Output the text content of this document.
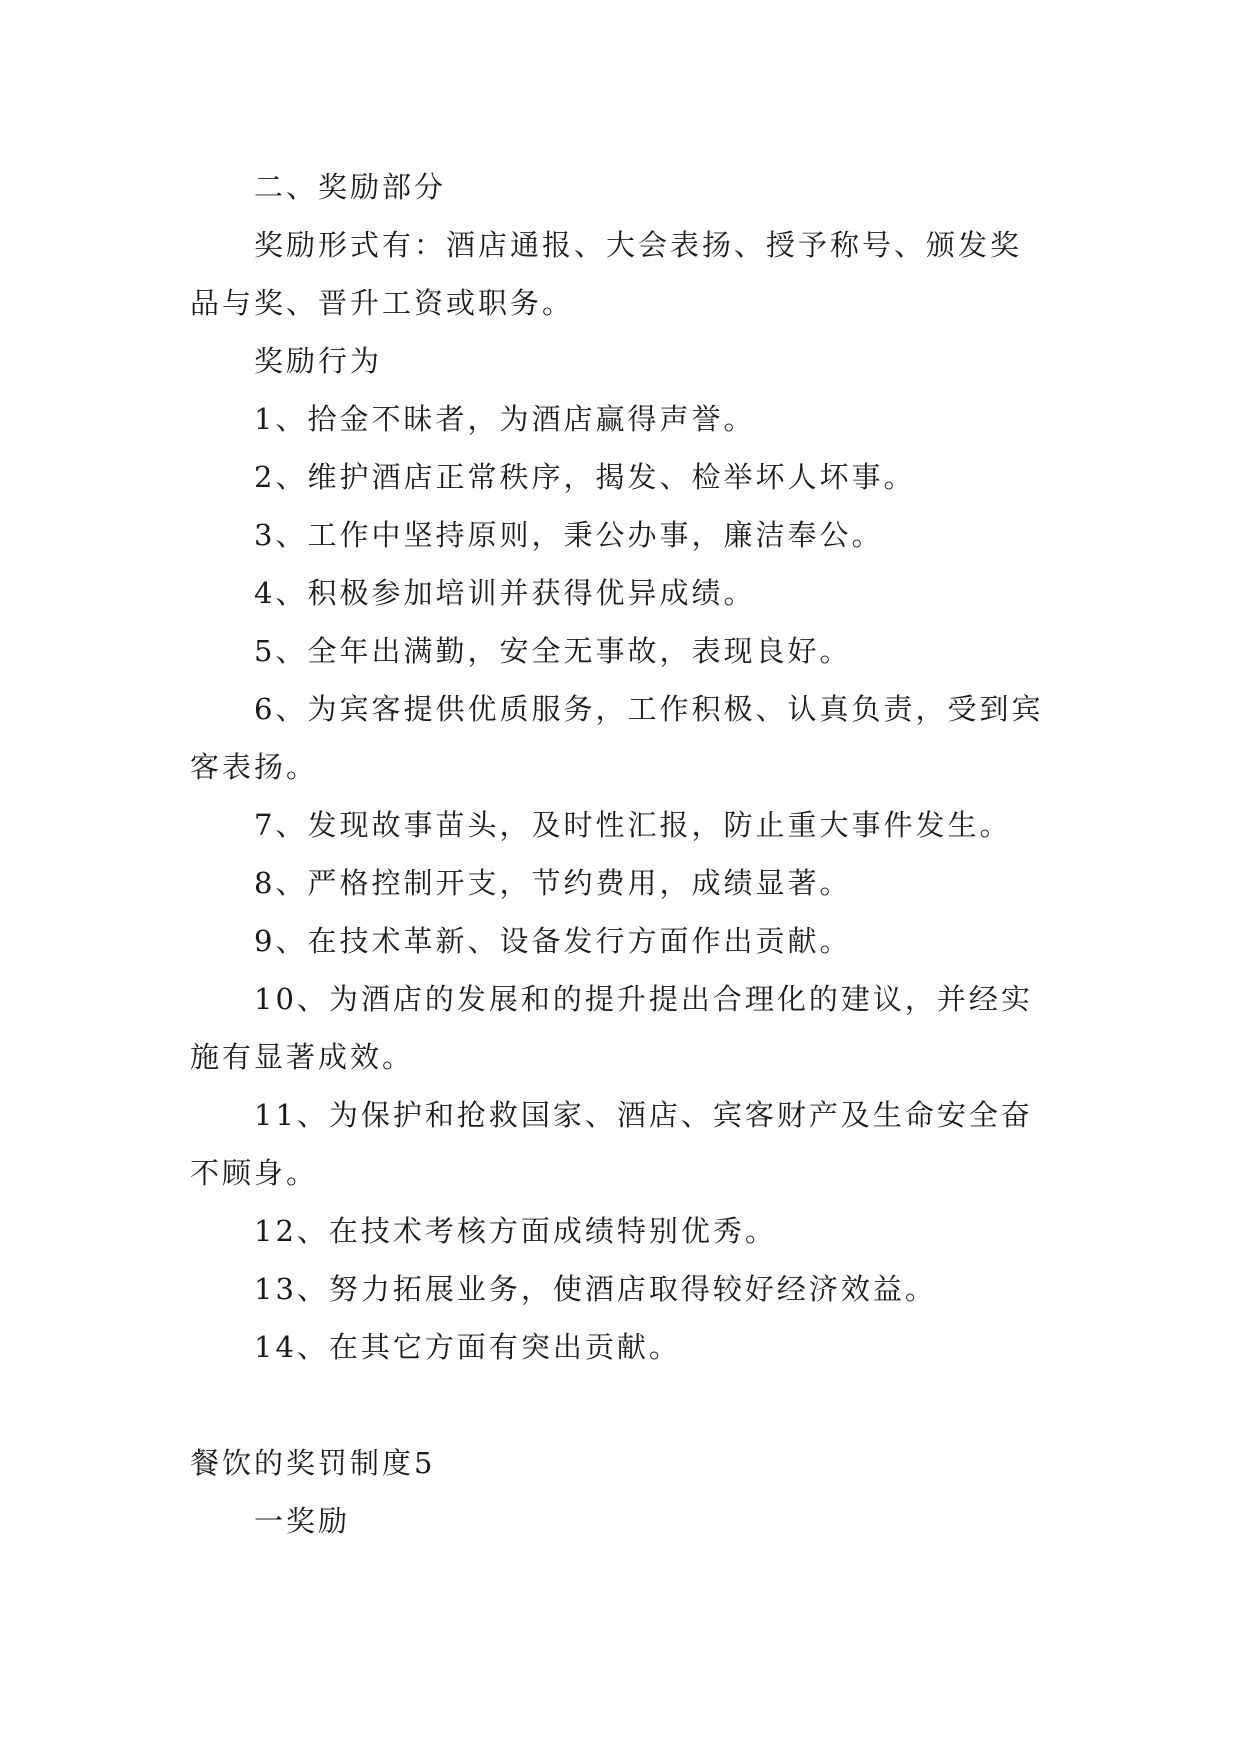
二、奖励部分

奖励形式有：酒店通报、大会表扬、授予称号、颁发奖品与奖、晋升工资或职务。

奖励行为

1、拾金不昧者，为酒店赢得声誉。

2、维护酒店正常秩序，揭发、检举坏人坏事。

3、工作中坚持原则，秉公办事，廉洁奉公。

4、积极参加培训并获得优异成绩。

5、全年出满勤，安全无事故，表现良好。

6、为宾客提供优质服务，工作积极、认真负责，受到宾客表扬。

7、发现故事苗头，及时性汇报，防止重大事件发生。

8、严格控制开支，节约费用，成绩显著。

9、在技术革新、设备发行方面作出贡献。

10、为酒店的发展和的提升提出合理化的建议，并经实施有显著成效。

11、为保护和抢救国家、酒店、宾客财产及生命安全奋不顾身。

12、在技术考核方面成绩特别优秀。

13、努力拓展业务，使酒店取得较好经济效益。

14、在其它方面有突出贡献。

餐饮的奖罚制度5

一奖励
